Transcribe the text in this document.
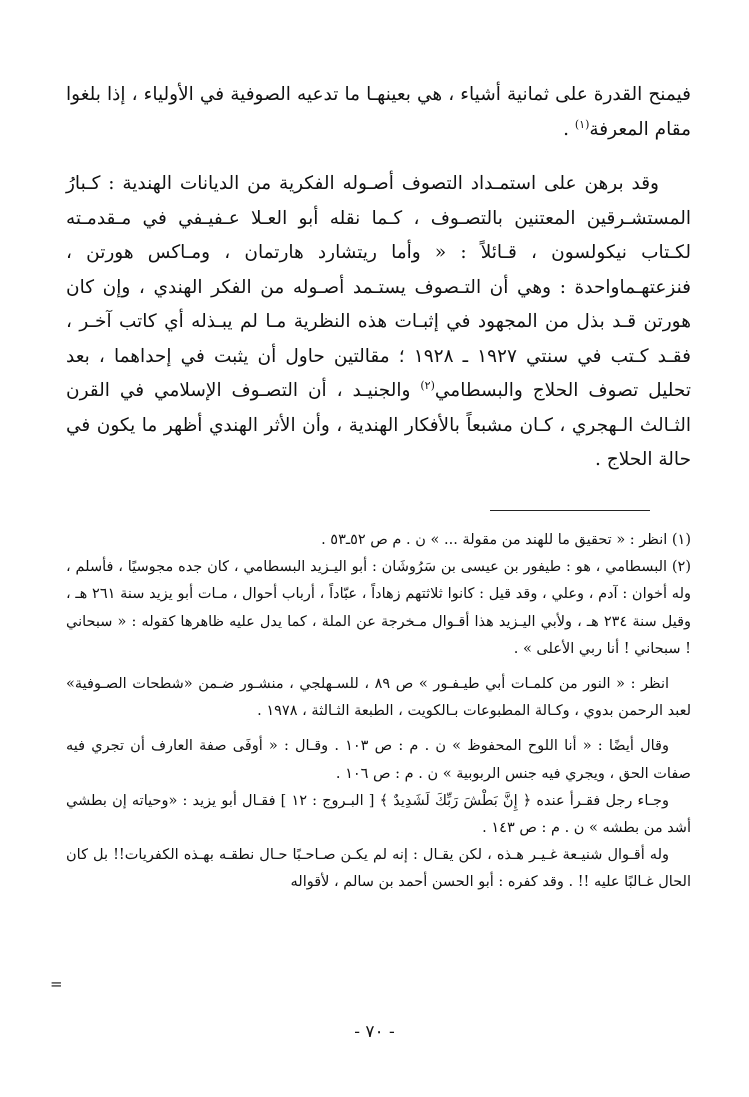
فيمنح القدرة على ثمانية أشياء ، هي بعينهـا ما تدعيه الصوفية في الأولياء ، إذا بلغوا مقام المعرفة$^{(١)}$ .

وقد برهن على استمـداد التصوف أصـوله الفكرية من الديانات الهندية : كـبارُ المستشـرقين المعتنين بالتصـوف ، كـما نقله أبو العـلا عـفيـفي في مـقدمـته لكـتاب نيكولسون ، قـائلاً : « وأما ريتشارد هارتمان ، ومـاكس هورتن ، فنزعتهـماواحدة : وهي أن التـصوف يستـمد أصـوله من الفكر الهندي ، وإن كان هورتن قـد بذل من المجهود في إثبـات هذه النظرية مـا لم يبـذله أي كاتب آخـر ، فقـد كـتب في سنتي ١٩٢٧ ـ ١٩٢٨ ؛ مقالتين حاول أن يثبت في إحداهما ، بعد تحليل تصوف الحلاج والبسطامي$^{(٢)}$ والجنيـد ، أن التصـوف الإسلامي في القرن الثـالث الـهجري ، كـان مشبعاً بالأفكار الهندية ، وأن الأثر الهندي أظهر ما يكون في حالة الحلاج .

(١) انظر : « تحقيق ما للهند من مقولة ... » ن . م ص ٥٢ـ٥٣ .

(٢) البسطامي ، هو : طيفور بن عيسى بن سَرُوشَان : أبو اليـزيد البسطامي ، كان جده مجوسيًا ، فأسلم ، وله أخوان : آدم ، وعلي ، وقد قيل : كانوا ثلاثتهم زهاداً ، عبّاداً ، أرباب أحوال ، مـات أبو يزيد سنة ٢٦١ هـ ، وقيل سنة ٢٣٤ هـ ، ولأبي اليـزيد هذا أقـوال مـخرجة عن الملة ، كما يدل عليه ظاهرها كقوله : « سبحاني ! سبحاني ! أنا ربي الأعلى » .

انظر : « النور من كلمـات أبي طيـفـور » ص ٨٩ ، للسـهلجي ، منشـور ضـمن «شطحات الصـوفية» لعبد الرحمن بدوي ، وكـالة المطبوعات بـالكويت ، الطبعة الثـالثة ، ١٩٧٨ .

وقال أيضًا : « أنا اللوح المحفوظ » ن . م : ص ١٠٣ . وقـال : « أوفَى صفة العارف أن تجري فيه صفات الحق ، ويجري فيه جنس الربوبية » ن . م : ص ١٠٦ .

وجـاء رجل فقـرأ عنده ﴿ إِنَّ بَطْشَ رَبِّكَ لَشَدِيدٌ ﴾ [ البـروج : ١٢ ] فقـال أبو يزيد : «وحياته إن بطشي أشد من بطشه » ن . م : ص ١٤٣ .

وله أقـوال شنيـعة غـيـر هـذه ، لكن يقـال : إنه لم يكـن صـاحـبًا حـال نطقـه بهـذه الكفريات!! بل كان الحال غـالبًا عليه !! . وقد كفره : أبو الحسن أحمد بن سالم ، لأقواله

=
- ٧٠ -
